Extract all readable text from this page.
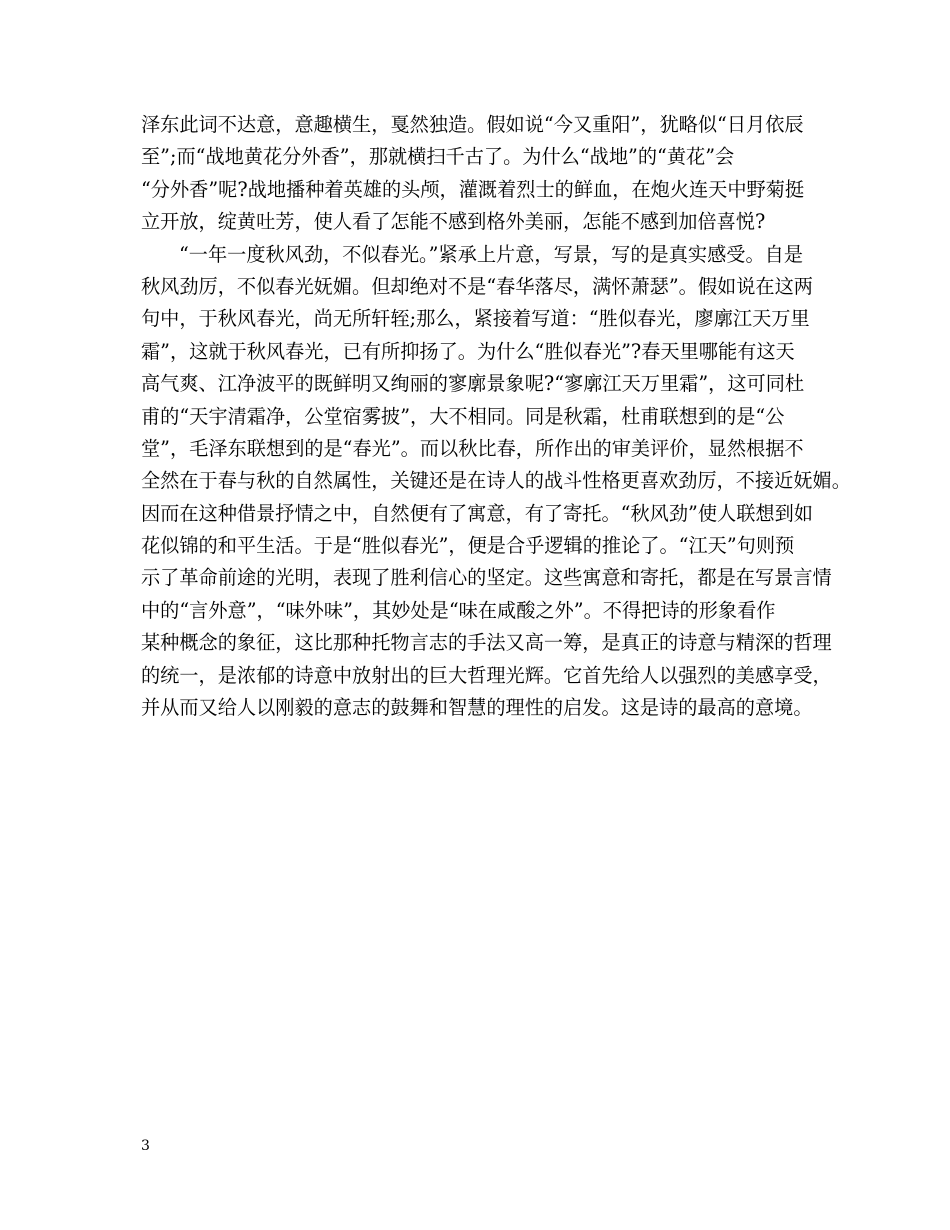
泽东此词不达意，意趣横生，戛然独造。假如说“今又重阳”，犹略似“日月依辰
至”;而“战地黄花分外香”，那就横扫千古了。为什么“战地”的“黄花”会
“分外香”呢?战地播种着英雄的头颅，灌溉着烈士的鲜血，在炮火连天中野菊挺
立开放，绽黄吐芳，使人看了怎能不感到格外美丽，怎能不感到加倍喜悦?
“一年一度秋风劲，不似春光。”紧承上片意，写景，写的是真实感受。自是
秋风劲厉，不似春光妩媚。但却绝对不是“春华落尽，满怀萧瑟”。假如说在这两
句中，于秋风春光，尚无所轩轾;那么，紧接着写道：“胜似春光，廖廓江天万里
霜”，这就于秋风春光，已有所抑扬了。为什么“胜似春光”?春天里哪能有这天
高气爽、江净波平的既鲜明又绚丽的寥廓景象呢?“寥廓江天万里霜”，这可同杜
甫的“天宇清霜净，公堂宿雾披”，大不相同。同是秋霜，杜甫联想到的是“公
堂”，毛泽东联想到的是“春光”。而以秋比春，所作出的审美评价，显然根据不
全然在于春与秋的自然属性，关键还是在诗人的战斗性格更喜欢劲厉，不接近妩媚。
因而在这种借景抒情之中，自然便有了寓意，有了寄托。“秋风劲”使人联想到如
花似锦的和平生活。于是“胜似春光”，便是合乎逻辑的推论了。“江天”句则预
示了革命前途的光明，表现了胜利信心的坚定。这些寓意和寄托，都是在写景言情
中的“言外意”，“味外味”，其妙处是“味在咸酸之外”。不得把诗的形象看作
某种概念的象征，这比那种托物言志的手法又高一筹，是真正的诗意与精深的哲理
的统一，是浓郁的诗意中放射出的巨大哲理光辉。它首先给人以强烈的美感享受，
并从而又给人以刚毅的意志的鼓舞和智慧的理性的启发。这是诗的最高的意境。
3
